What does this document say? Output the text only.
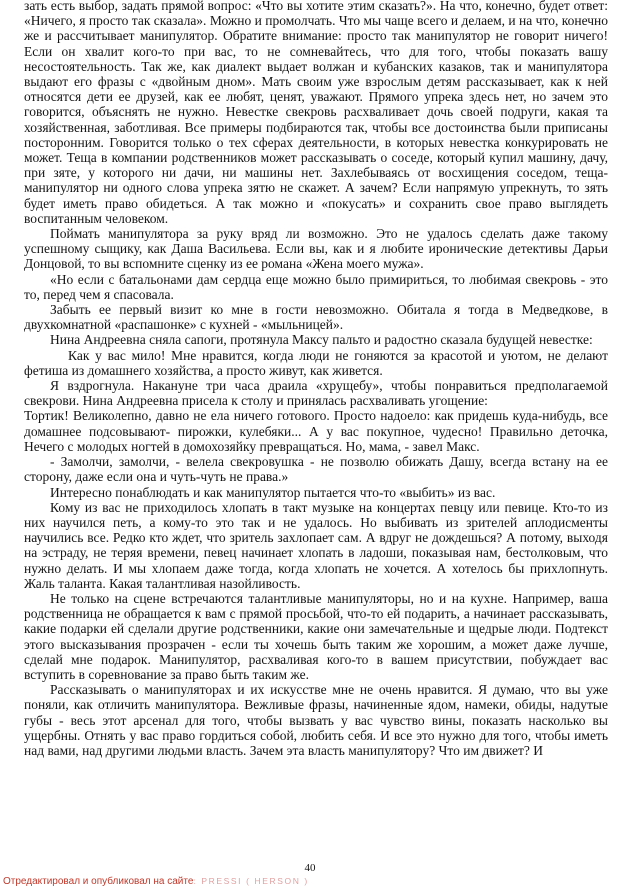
зать есть выбор, задать прямой вопрос: «Что вы хотите этим сказать?». На что, конечно, будет ответ: «Ничего, я просто так сказала». Можно и промолчать. Что мы чаще всего и делаем, и на что, конечно же и рассчитывает манипулятор. Обратите внимание: просто так манипулятор не говорит ничего! Если он хвалит кого-то при вас, то не сомневайтесь, что для того, чтобы показать вашу несостоятельность. Так же, как диалект выдает волжан и кубанских казаков, так и манипулятора выдают его фразы с «двойным дном». Мать своим уже взрослым детям рассказывает, как к ней относятся дети ее друзей, как ее любят, ценят, уважают. Прямого упрека здесь нет, но зачем это говорится, объяснять не нужно. Невестке свекровь расхваливает дочь своей подруги, какая та хозяйственная, заботливая. Все примеры подбираются так, чтобы все достоинства были приписаны посторонним. Говорится только о тех сферах деятельности, в которых невестка конкурировать не может. Теща в компании родственников может рассказывать о соседе, который купил машину, дачу, при зяте, у которого ни дачи, ни машины нет. Захлебываясь от восхищения соседом, теща-манипулятор ни одного слова упрека зятю не скажет. А зачем? Если напрямую упрекнуть, то зять будет иметь право обидеться. А так можно и «покусать» и сохранить свое право выглядеть воспитанным человеком.

Поймать манипулятора за руку вряд ли возможно. Это не удалось сделать даже такому успешному сыщику, как Даша Васильева. Если вы, как и я любите иронические детективы Дарьи Донцовой, то вы вспомните сценку из ее романа «Жена моего мужа».

«Но если с батальонами дам сердца еще можно было примириться, то любимая свекровь - это то, перед чем я спасовала.

Забыть ее первый визит ко мне в гости невозможно. Обитала я тогда в Медведкове, в двухкомнатной «распашонке» с кухней - «мыльницей».

Нина Андреевна сняла сапоги, протянула Максу пальто и радостно сказала будущей невестке:

Как у вас мило! Мне нравится, когда люди не гоняются за красотой и уютом, не делают фетиша из домашнего хозяйства, а просто живут, как живется.

Я вздрогнула. Накануне три часа драила «хрущебу», чтобы понравиться предполагаемой свекрови. Нина Андреевна присела к столу и принялась расхваливать угощение:

Тортик! Великолепно, давно не ела ничего готового. Просто надоело: как придешь куда-нибудь, все домашнее подсовывают- пирожки, кулебяки... А у вас покупное, чудесно! Правильно деточка, Нечего с молодых ногтей в домохозяйку превращаться. Но, мама, - завел Макс.

- Замолчи, замолчи, - велела свекровушка - не позволю обижать Дашу, всегда встану на ее сторону, даже если она и чуть-чуть не права.»

Интересно понаблюдать и как манипулятор пытается что-то «выбить» из вас.

Кому из вас не приходилось хлопать в такт музыке на концертах певцу или певице. Кто-то из них научился петь, а кому-то это так и не удалось. Но выбивать из зрителей аплодисменты научились все. Редко кто ждет, что зритель захлопает сам. А вдруг не дождешься? А потому, выходя на эстраду, не теряя времени, певец начинает хлопать в ладоши, показывая нам, бестолковым, что нужно делать. И мы хлопаем даже тогда, когда хлопать не хочется. А хотелось бы прихлопнуть. Жаль таланта. Какая талантливая назойливость.

Не только на сцене встречаются талантливые манипуляторы, но и на кухне. Например, ваша родственница не обращается к вам с прямой просьбой, что-то ей подарить, а начинает рассказывать, какие подарки ей сделали другие родственники, какие они замечательные и щедрые люди. Подтекст этого высказывания прозрачен - если ты хочешь быть таким же хорошим, а может даже лучше, сделай мне подарок. Манипулятор, расхваливая кого-то в вашем присутствии, побуждает вас вступить в соревнование за право быть таким же.

Рассказывать о манипуляторах и их искусстве мне не очень нравится. Я думаю, что вы уже поняли, как отличить манипулятора. Вежливые фразы, начиненные ядом, намеки, обиды, надутые губы - весь этот арсенал для того, чтобы вызвать у вас чувство вины, показать насколько вы ущербны. Отнять у вас право гордиться собой, любить себя. И все это нужно для того, чтобы иметь над вами, над другими людьми власть. Зачем эта власть манипулятору? Что им движет? И

40
Отредактировал и опубликовал на сайте: PRESSI ( HERSON )
